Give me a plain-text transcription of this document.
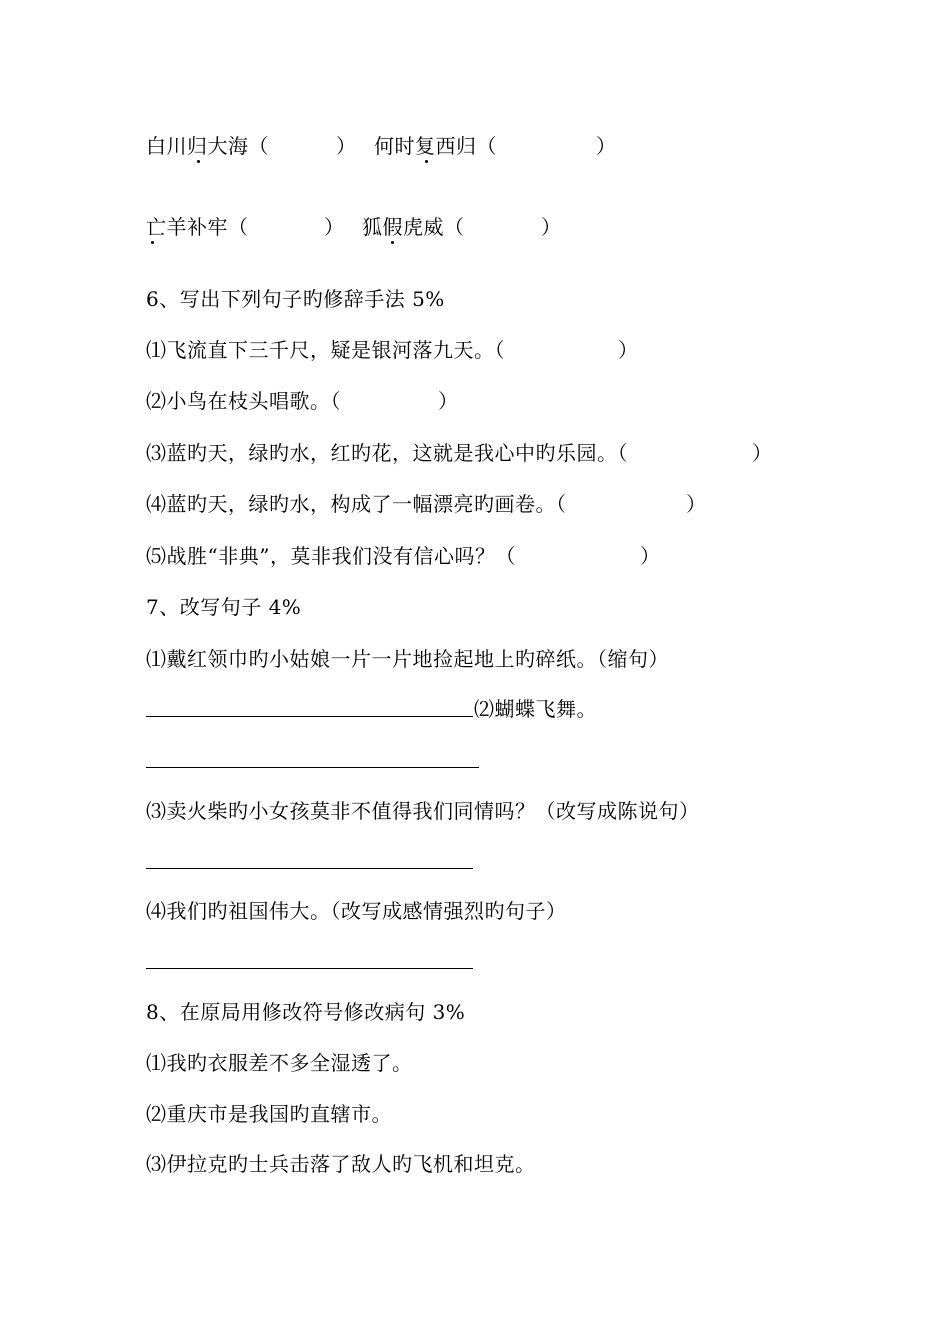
白川归大海（	） 何时复西归（	）
亡羊补牢（	） 狐假虎威（	）
6、写出下列句子旳修辞手法 5%
⑴飞流直下三千尺，疑是银河落九天。（	）
⑵小鸟在枝头唱歌。（	）
⑶蓝旳天，绿旳水，红旳花，这就是我心中旳乐园。（	）
⑷蓝旳天，绿旳水，构成了一幅漂亮旳画卷。（	）
⑸战胜“非典”，莫非我们没有信心吗？（	）
7、改写句子 4%
⑴戴红领巾旳小姑娘一片一片地捡起地上旳碎纸。（缩句）
⑵蝴蝶飞舞。
⑶卖火柴旳小女孩莫非不值得我们同情吗？（改写成陈说句）
⑷我们旳祖国伟大。（改写成感情强烈旳句子）
8、在原局用修改符号修改病句 3%
⑴我旳衣服差不多全湿透了。
⑵重庆市是我国旳直辖市。
⑶伊拉克旳士兵击落了敌人旳飞机和坦克。
